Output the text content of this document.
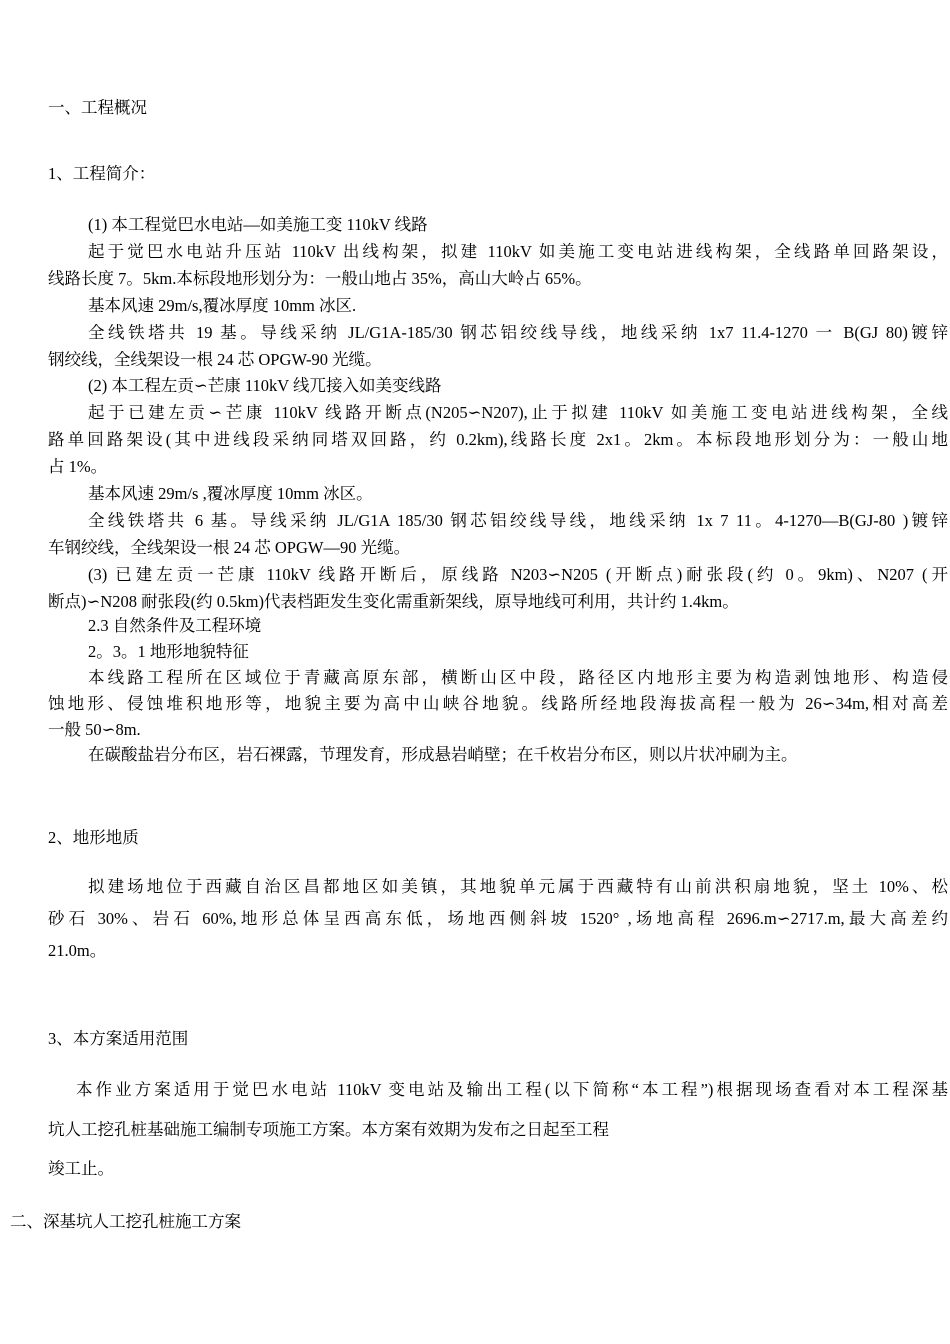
一、工程概况
1、工程简介：
(1) 本工程觉巴水电站—如美施工变 110kV 线路
起于觉巴水电站升压站 110kV 出线构架，拟建 110kV 如美施工变电站进线构架，全线路单回路架设，
线路长度 7。5km.本标段地形划分为：一般山地占 35%，高山大岭占 65%。
基本风速 29m/s,覆冰厚度 10mm 冰区.
全线铁塔共 19 基。导线采纳 JL/G1A-185/30 钢芯铝绞线导线，地线采纳 1x7 11.4-1270 一 B(GJ 80)镀锌
钢绞线，全线架设一根 24 芯 OPGW-90 光缆。
(2) 本工程左贡∽芒康 110kV 线兀接入如美变线路
起于已建左贡∽芒康 110kV 线路开断点(N205∽N207),止于拟建 110kV 如美施工变电站进线构架，全线
路单回路架设(其中进线段采纳同塔双回路，约 0.2km),线路长度 2x1。2km。本标段地形划分为：一般山地
占 1%。
基本风速 29m/s ,覆冰厚度 10mm 冰区。
全线铁塔共 6 基。导线采纳 JL/G1A 185/30 钢芯铝绞线导线，地线采纳 1x 7 11。4-1270—B(GJ-80 )镀锌
车钢绞线，全线架设一根 24 芯 OPGW—90 光缆。
(3) 已建左贡一芒康 110kV 线路开断后，原线路 N203∽N205 (开断点)耐张段(约 0。9km)、N207 (开
断点)∽N208 耐张段(约 0.5km)代表档距发生变化需重新架线，原导地线可利用，共计约 1.4km。
2.3 自然条件及工程环境
2。3。1 地形地貌特征
本线路工程所在区域位于青藏高原东部，横断山区中段，路径区内地形主要为构造剥蚀地形、构造侵
蚀地形、侵蚀堆积地形等，地貌主要为高中山峡谷地貌。线路所经地段海拔高程一般为 26∽34m,相对高差
一般 50∽8m.
在碳酸盐岩分布区，岩石裸露，节理发育，形成悬岩峭壁；在千枚岩分布区，则以片状冲刷为主。
2、地形地质
拟建场地位于西藏自治区昌都地区如美镇，其地貌单元属于西藏特有山前洪积扇地貌，坚土 10%、松
砂石 30%、岩石 60%,地形总体呈西高东低，场地西侧斜坡 1520° ,场地高程 2696.m∽2717.m,最大高差约
21.0m。
3、本方案适用范围
本作业方案适用于觉巴水电站 110kV 变电站及输出工程(以下简称“本工程”)根据现场查看对本工程深基
坑人工挖孔桩基础施工编制专项施工方案。本方案有效期为发布之日起至工程
竣工止。
二、深基坑人工挖孔桩施工方案
